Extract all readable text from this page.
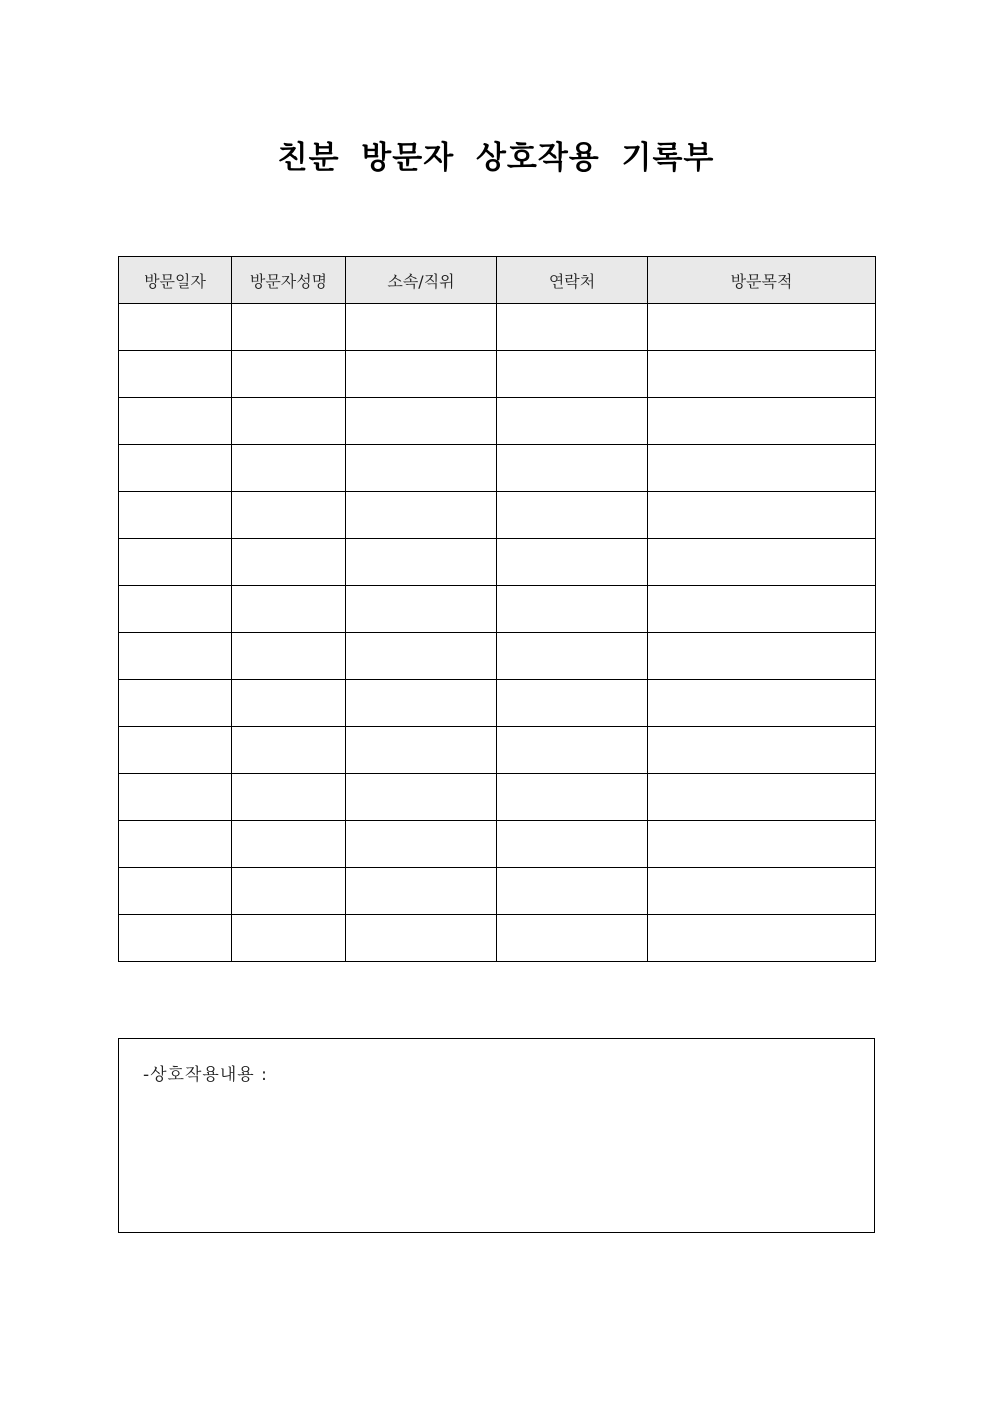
친분 방문자 상호작용 기록부
방문일자	방문자성명	소속/직위	연락처	방문목적

-상호작용내용 :
